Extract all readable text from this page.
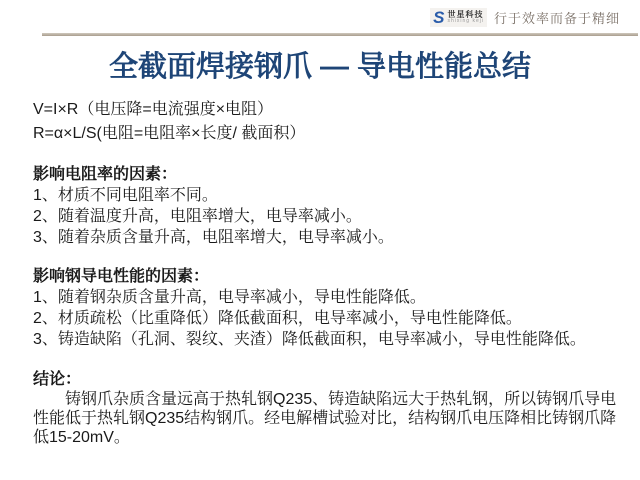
S 世星科技
shixing keji 行于效率而备于精细
全截面焊接钢爪 — 导电性能总结
V=I×R（电压降=电流强度×电阻）
R=α×L/S(电阻=电阻率×长度/ 截面积）
影响电阻率的因素：
1、材质不同电阻率不同。
2、随着温度升高，电阻率增大，电导率减小。
3、随着杂质含量升高，电阻率增大，电导率减小。
影响钢导电性能的因素：
1、随着钢杂质含量升高，电导率减小，导电性能降低。
2、材质疏松（比重降低）降低截面积，电导率减小，导电性能降低。
3、铸造缺陷（孔洞、裂纹、夹渣）降低截面积，电导率减小，导电性能降低。
结论：

铸钢爪杂质含量远高于热轧钢Q235、铸造缺陷远大于热轧钢，所以铸钢爪导电性能低于热轧钢Q235结构钢爪。经电解槽试验对比，结构钢爪电压降相比铸钢爪降低15-20mV。
